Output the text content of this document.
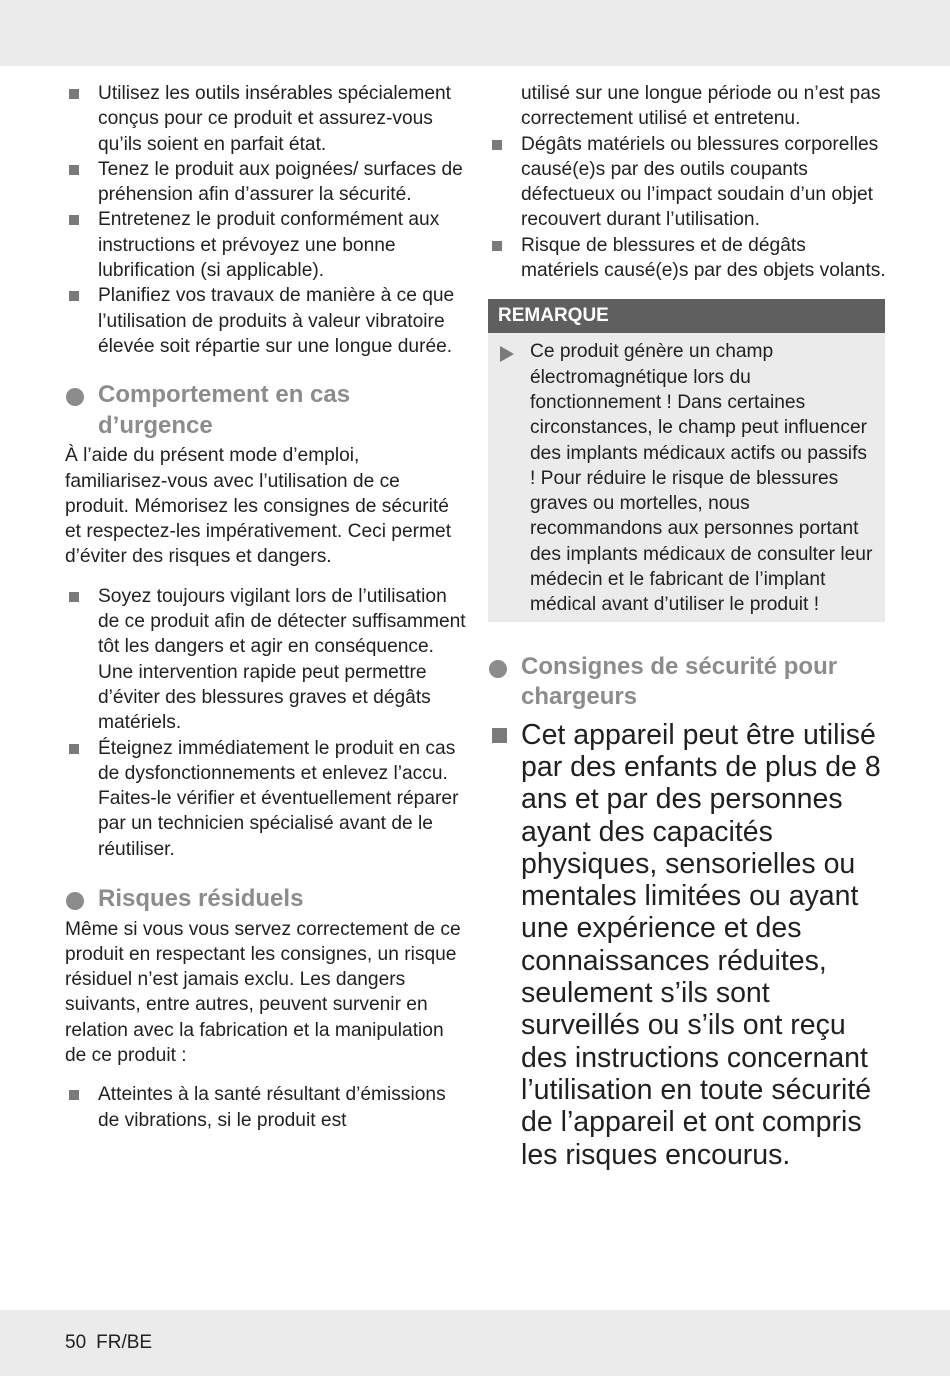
Utilisez les outils insérables spécialement conçus pour ce produit et assurez-vous qu’ils soient en parfait état.
Tenez le produit aux poignées/ surfaces de préhension afin d’assurer la sécurité.
Entretenez le produit conformément aux instructions et prévoyez une bonne lubrification (si applicable).
Planifiez vos travaux de manière à ce que l’utilisation de produits à valeur vibratoire élevée soit répartie sur une longue durée.
Comportement en cas d’urgence

À l’aide du présent mode d’emploi, familiarisez-vous avec l’utilisation de ce produit. Mémorisez les consignes de sécurité et respectez-les impérativement. Ceci permet d’éviter des risques et dangers.

Soyez toujours vigilant lors de l’utilisation de ce produit afin de détecter suffisamment tôt les dangers et agir en conséquence. Une intervention rapide peut permettre d’éviter des blessures graves et dégâts matériels.
Éteignez immédiatement le produit en cas de dysfonctionnements et enlevez l’accu. Faites-le vérifier et éventuellement réparer par un technicien spécialisé avant de le réutiliser.
Risques résiduels

Même si vous vous servez correctement de ce produit en respectant les consignes, un risque résiduel n’est jamais exclu. Les dangers suivants, entre autres, peuvent survenir en relation avec la fabrication et la manipulation de ce produit :

Atteintes à la santé résultant d’émissions de vibrations, si le produit est

utilisé sur une longue période ou n’est pas correctement utilisé et entretenu.

Dégâts matériels ou blessures corporelles causé(e)s par des outils coupants défectueux ou l’impact soudain d’un objet recouvert durant l’utilisation.
Risque de blessures et de dégâts matériels causé(e)s par des objets volants.
REMARQUE
Ce produit génère un champ électromagnétique lors du fonctionnement ! Dans certaines circonstances, le champ peut influencer des implants médicaux actifs ou passifs ! Pour réduire le risque de blessures graves ou mortelles, nous recommandons aux personnes portant des implants médicaux de consulter leur médecin et le fabricant de l’implant médical avant d’utiliser le produit !
Consignes de sécurité pour chargeurs
Cet appareil peut être utilisé par des enfants de plus de 8 ans et par des personnes ayant des capacités physiques, sensorielles ou mentales limitées ou ayant une expérience et des connaissances réduites, seulement s’ils sont surveillés ou s’ils ont reçu des instructions concernant l’utilisation en toute sécurité de l’appareil et ont compris les risques encourus.
50 FR/BE
